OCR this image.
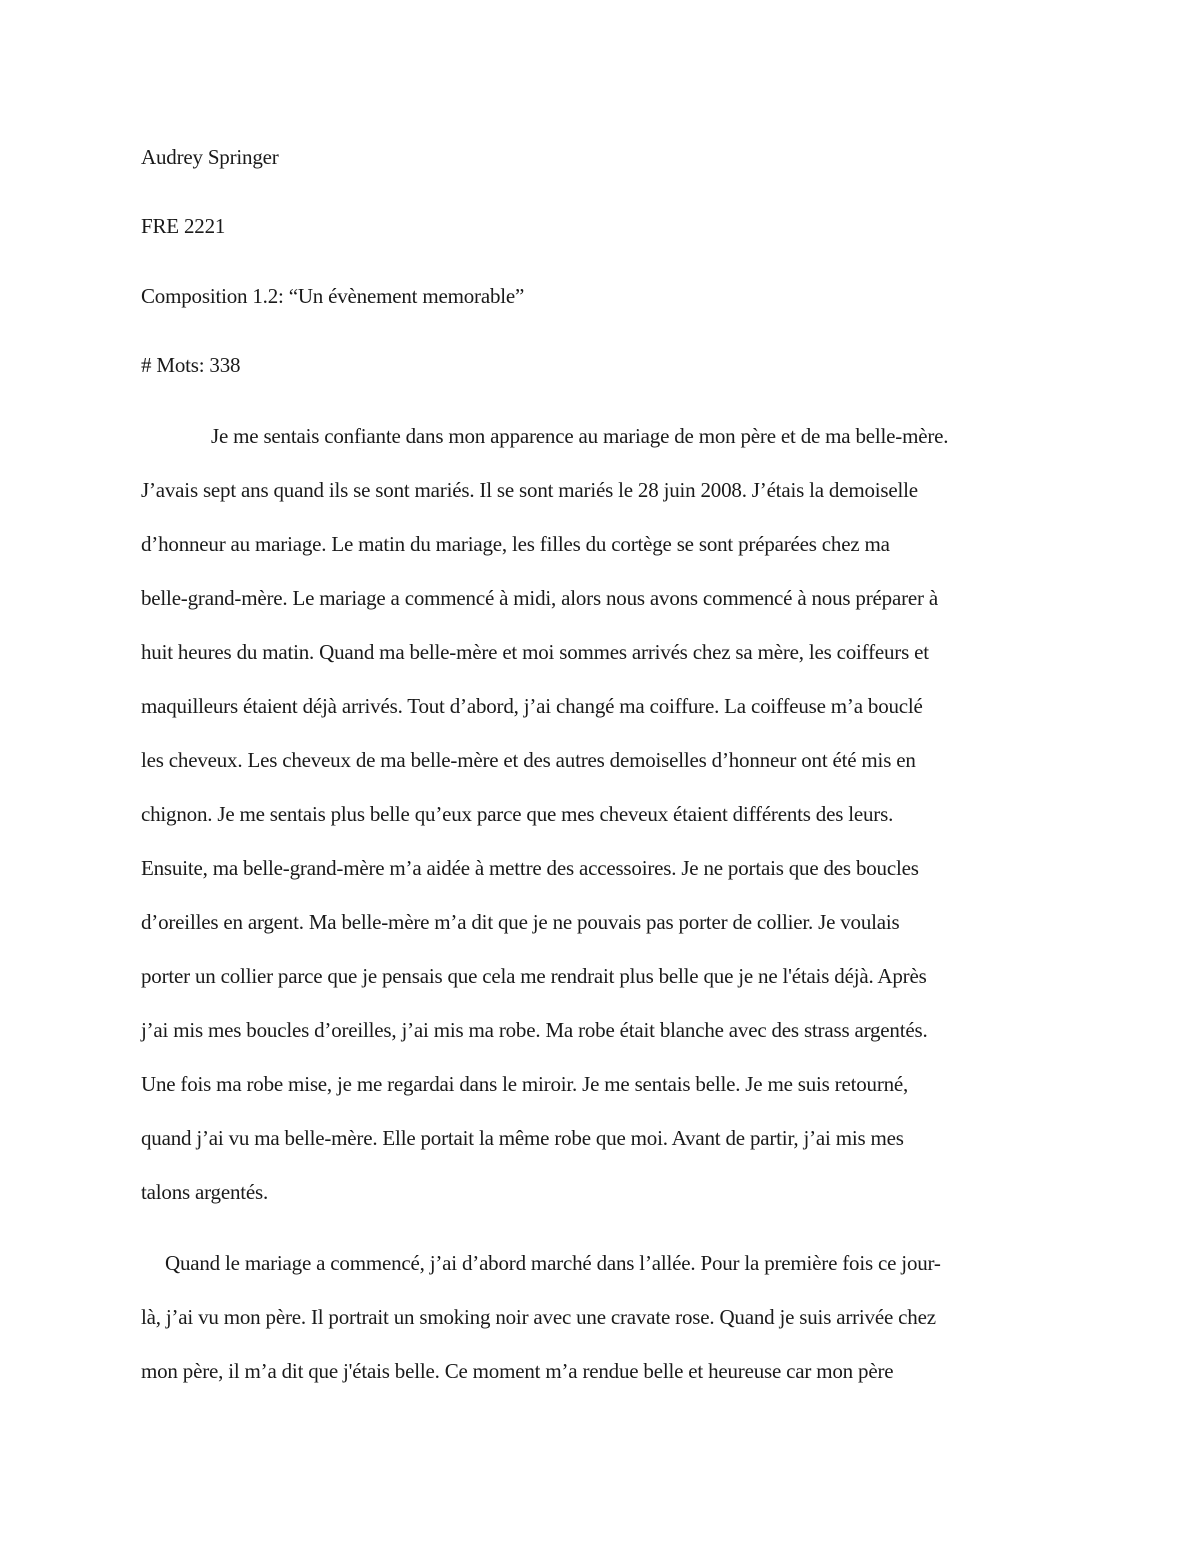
Audrey Springer
FRE 2221
Composition 1.2: “Un évènement memorable”
# Mots: 338
Je me sentais confiante dans mon apparence au mariage de mon père et de ma belle-mère.
J’avais sept ans quand ils se sont mariés. Il se sont mariés le 28 juin 2008. J’étais la demoiselle
d’honneur au mariage. Le matin du mariage, les filles du cortège se sont préparées chez ma
belle-grand-mère. Le mariage a commencé à midi, alors nous avons commencé à nous préparer à
huit heures du matin. Quand ma belle-mère et moi sommes arrivés chez sa mère, les coiffeurs et
maquilleurs étaient déjà arrivés. Tout d’abord, j’ai changé ma coiffure. La coiffeuse m’a bouclé
les cheveux. Les cheveux de ma belle-mère et des autres demoiselles d’honneur ont été mis en
chignon. Je me sentais plus belle qu’eux parce que mes cheveux étaient différents des leurs.
Ensuite, ma belle-grand-mère m’a aidée à mettre des accessoires. Je ne portais que des boucles
d’oreilles en argent. Ma belle-mère m’a dit que je ne pouvais pas porter de collier. Je voulais
porter un collier parce que je pensais que cela me rendrait plus belle que je ne l'étais déjà. Après
j’ai mis mes boucles d’oreilles, j’ai mis ma robe. Ma robe était blanche avec des strass argentés.
Une fois ma robe mise, je me regardai dans le miroir. Je me sentais belle. Je me suis retourné,
quand j’ai vu ma belle-mère. Elle portait la même robe que moi. Avant de partir, j’ai mis mes
talons argentés.
Quand le mariage a commencé, j’ai d’abord marché dans l’allée. Pour la première fois ce jour-
là, j’ai vu mon père. Il portrait un smoking noir avec une cravate rose. Quand je suis arrivée chez
mon père, il m’a dit que j'étais belle. Ce moment m’a rendue belle et heureuse car mon père
